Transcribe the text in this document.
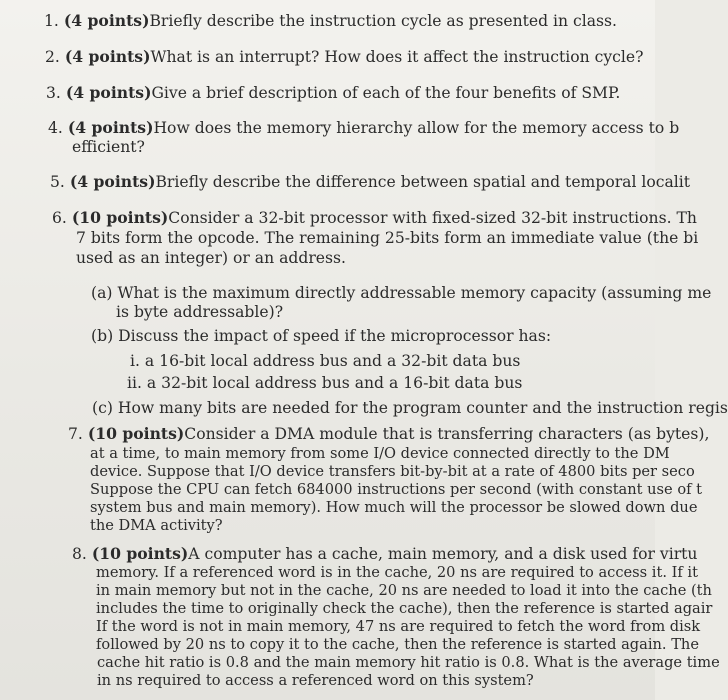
1. (4 points)Briefly describe the instruction cycle as presented in class.
2. (4 points)What is an interrupt? How does it affect the instruction cycle?
3. (4 points)Give a brief description of each of the four benefits of SMP.
4. (4 points)How does the memory hierarchy allow for the memory access to b
efficient?
5. (4 points)Briefly describe the difference between spatial and temporal localit
6. (10 points)Consider a 32-bit processor with fixed-sized 32-bit instructions. Th
7 bits form the opcode. The remaining 25-bits form an immediate value (the bi
used as an integer) or an address.
(a) What is the maximum directly addressable memory capacity (assuming me
is byte addressable)?
(b) Discuss the impact of speed if the microprocessor has:
i. a 16-bit local address bus and a 32-bit data bus
ii. a 32-bit local address bus and a 16-bit data bus
(c) How many bits are needed for the program counter and the instruction regis
7. (10 points)Consider a DMA module that is transferring characters (as bytes),
at a time, to main memory from some I/O device connected directly to the DM
device. Suppose that I/O device transfers bit-by-bit at a rate of 4800 bits per seco
Suppose the CPU can fetch 684000 instructions per second (with constant use of t
system bus and main memory). How much will the processor be slowed down due
the DMA activity?
8. (10 points)A computer has a cache, main memory, and a disk used for virtu
memory. If a referenced word is in the cache, 20 ns are required to access it. If it
in main memory but not in the cache, 20 ns are needed to load it into the cache (th
includes the time to originally check the cache), then the reference is started agair
If the word is not in main memory, 47 ns are required to fetch the word from disk
followed by 20 ns to copy it to the cache, then the reference is started again. The
cache hit ratio is 0.8 and the main memory hit ratio is 0.8. What is the average time
in ns required to access a referenced word on this system?
